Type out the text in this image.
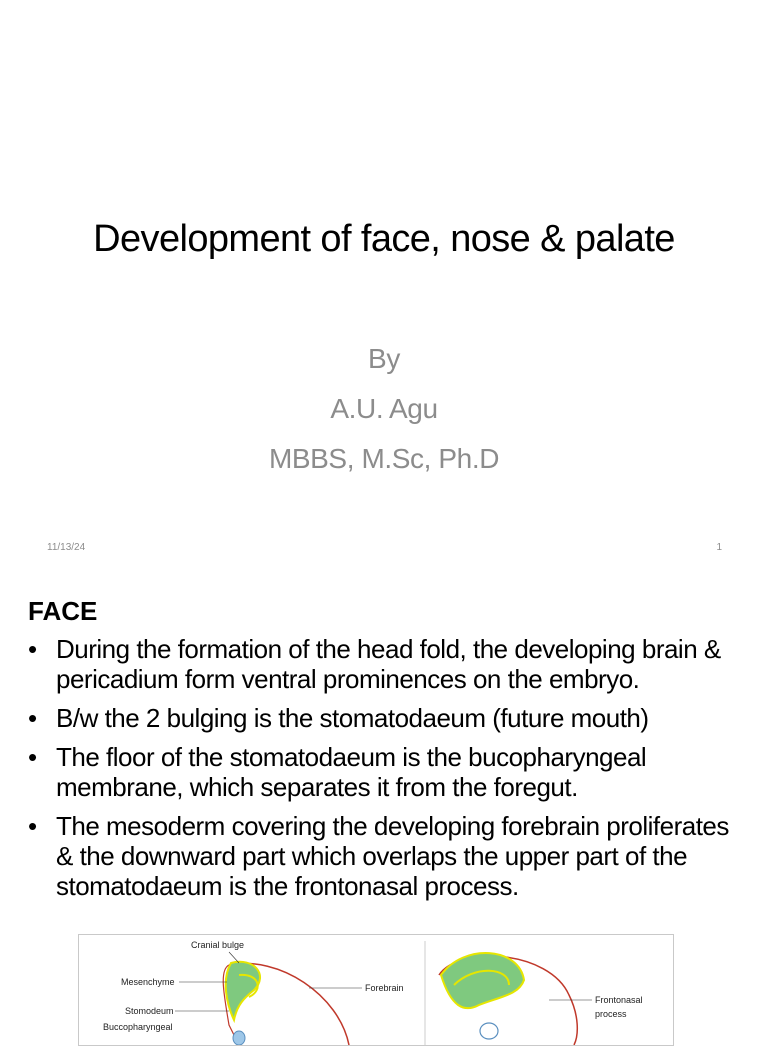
Development of face, nose & palate
By
A.U. Agu
MBBS, M.Sc, Ph.D
11/13/24	1
FACE
• During the formation of the head fold, the developing brain & pericadium form ventral prominences on the embryo.
• B/w the 2 bulging is the stomatodaeum (future mouth)
• The floor of the stomatodaeum is the bucopharyngeal membrane, which separates it from the foregut.
• The mesoderm covering the developing forebrain proliferates & the downward part which overlaps the upper part of the stomatodaeum is the frontonasal process.
Cranial bulge
Mesenchyme
Stomodeum
Buccopharyngeal
Forebrain
Frontonasal
process
